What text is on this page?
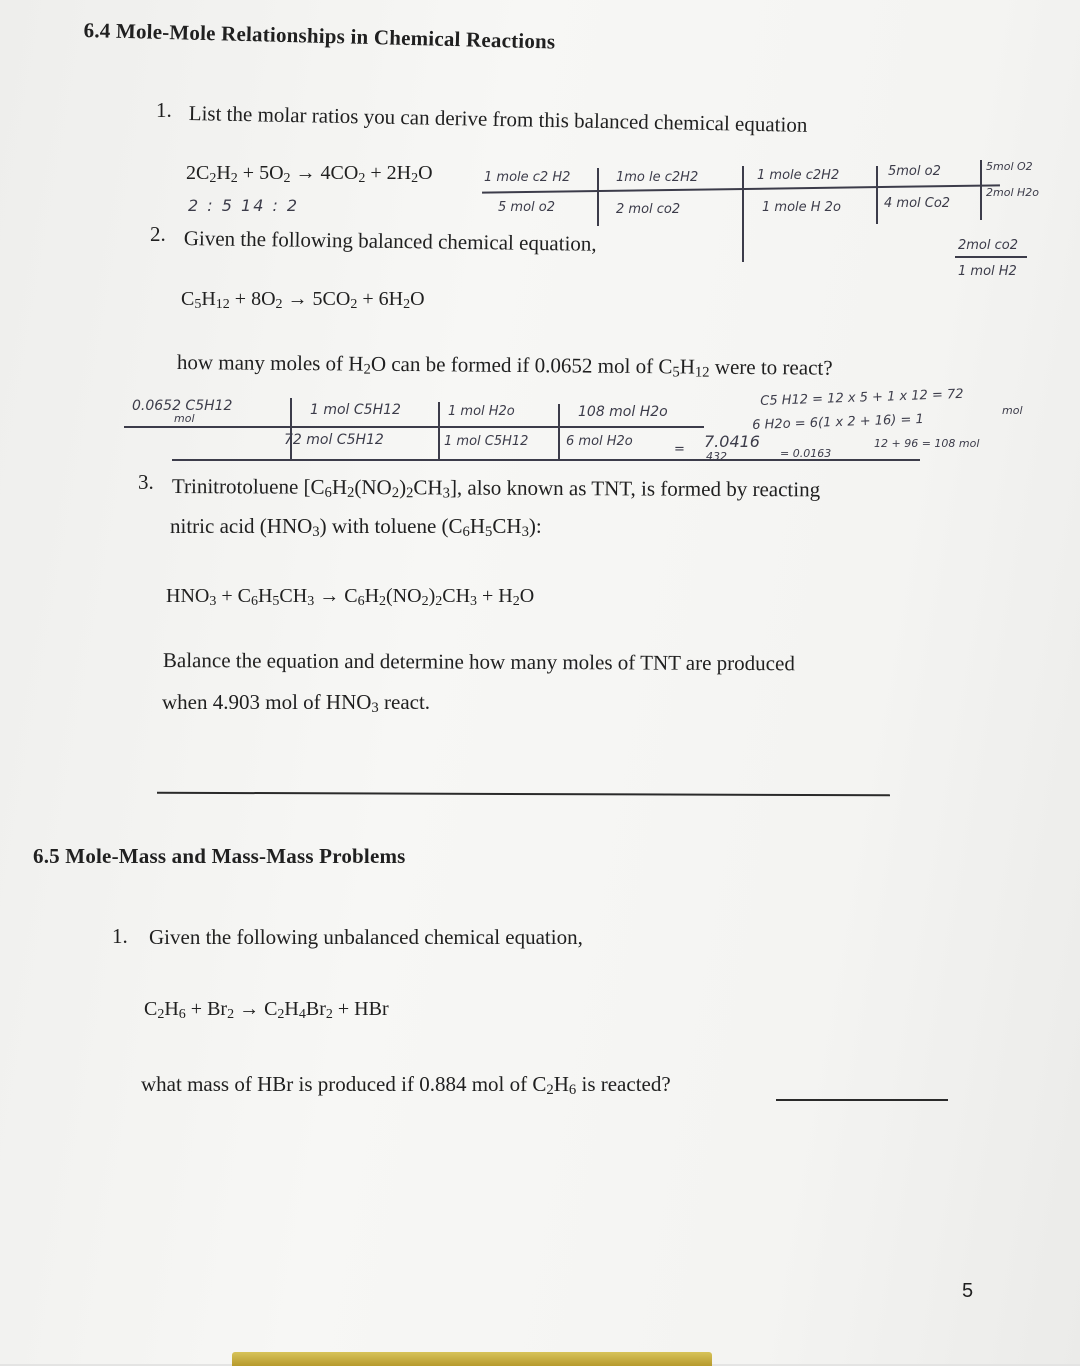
6.4 Mole-Mole Relationships in Chemical Reactions
1. List the molar ratios you can derive from this balanced chemical equation
$2C_2H_2 + 5O_2 \to 4CO_2 + 2H_2O$
2 : 5 14 : 2
1 mole c2 H2
5 mol o2
1mo le c2H2
2 mol co2
1 mole c2H2
1 mole H 2o
5mol o2
4 mol Co2
5mol O2
2mol H2o
2mol co2
1 mol H2
2. Given the following balanced chemical equation,
$C_5H_{12} + 8O_2 \to 5CO_2 + 6H_2O$
how many moles of $H_2O$ can be formed if 0.0652 mol of $C_5H_{12}$ were to react?
0.0652 C5H12
mol
1 mol C5H12
72 mol C5H12
1 mol H2o
1 mol C5H12
108 mol H2o
6 mol H2o
= 7.0416
432	= 0.0163
C5 H12 = 12 x 5 + 1 x 12 = 72
mol
6 H2o = 6(1 x 2 + 16) = 1
12 + 96 = 108 mol
3. Trinitrotoluene $[C_6H_2(NO_2)_2CH_3]$, also known as TNT, is formed by reacting
nitric acid $(HNO_3)$ with toluene $(C_6H_5CH_3)$:
$HNO_3 + C_6H_5CH_3 \to C_6H_2(NO_2)_2CH_3 + H_2O$
Balance the equation and determine how many moles of TNT are produced
when 4.903 mol of $HNO_3$ react.
6.5 Mole-Mass and Mass-Mass Problems
1. Given the following unbalanced chemical equation,
$C_2H_6 + Br_2 \to C_2H_4Br_2$ + HBr
what mass of HBr is produced if 0.884 mol of $C_2H_6$ is reacted?
5
